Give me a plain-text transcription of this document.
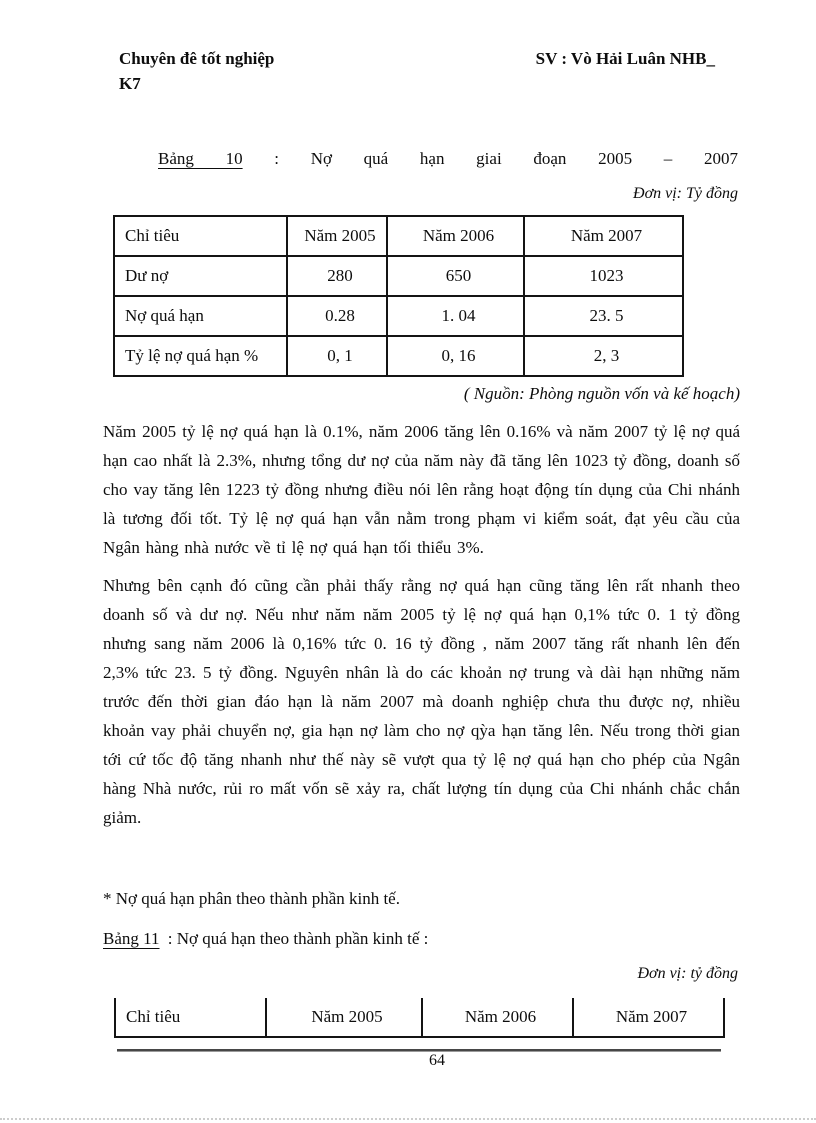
Chuyên đê tốt nghiệp
K7
SV : Vò Hải Luân NHB_
Bảng 10 : Nợ quá hạn giai đoạn 2005 – 2007
Đơn vị: Tỷ đồng
Chỉ tiêu	Năm 2005	Năm 2006	Năm 2007
Dư nợ	280	650	1023
Nợ quá hạn	0.28	1. 04	23. 5
Tỷ lệ nợ quá hạn %	0, 1	0, 16	2, 3
( Nguồn: Phòng nguồn vốn và kế hoạch)

Năm 2005 tỷ lệ nợ quá hạn là 0.1%, năm 2006 tăng lên 0.16% và năm 2007 tỷ lệ nợ quá hạn cao nhất là 2.3%, nhưng tổng dư nợ của năm này đã tăng lên 1023 tỷ đồng, doanh số cho vay tăng lên 1223 tỷ đồng nhưng điều nói lên rằng hoạt động tín dụng của Chi nhánh là tương đối tốt. Tỷ lệ nợ quá hạn vẫn nằm trong phạm vi kiểm soát, đạt yêu cầu của Ngân hàng nhà nước về tỉ lệ nợ quá hạn tối thiểu 3%.

Nhưng bên cạnh đó cũng cần phải thấy rằng nợ quá hạn cũng tăng lên rất nhanh theo doanh số và dư nợ. Nếu như năm năm 2005 tỷ lệ nợ quá hạn 0,1% tức 0. 1 tỷ đồng nhưng sang năm 2006 là 0,16% tức 0. 16 tỷ đồng , năm 2007 tăng rất nhanh lên đến 2,3% tức 23. 5 tỷ đồng. Nguyên nhân là do các khoản nợ trung và dài hạn những năm trước đến thời gian đáo hạn là năm 2007 mà doanh nghiệp chưa thu được nợ, nhiều khoản vay phải chuyển nợ, gia hạn nợ làm cho nợ qỳa hạn tăng lên. Nếu trong thời gian tới cứ tốc độ tăng nhanh như thế này sẽ vượt qua tỷ lệ nợ quá hạn cho phép của Ngân hàng Nhà nước, rủi ro mất vốn sẽ xảy ra, chất lượng tín dụng của Chi nhánh chắc chắn giảm.

* Nợ quá hạn phân theo thành phần kinh tế.
Bảng 11 : Nợ quá hạn theo thành phần kinh tế :
Đơn vị: tỷ đồng
Chỉ tiêu	Năm 2005	Năm 2006	Năm 2007
64
